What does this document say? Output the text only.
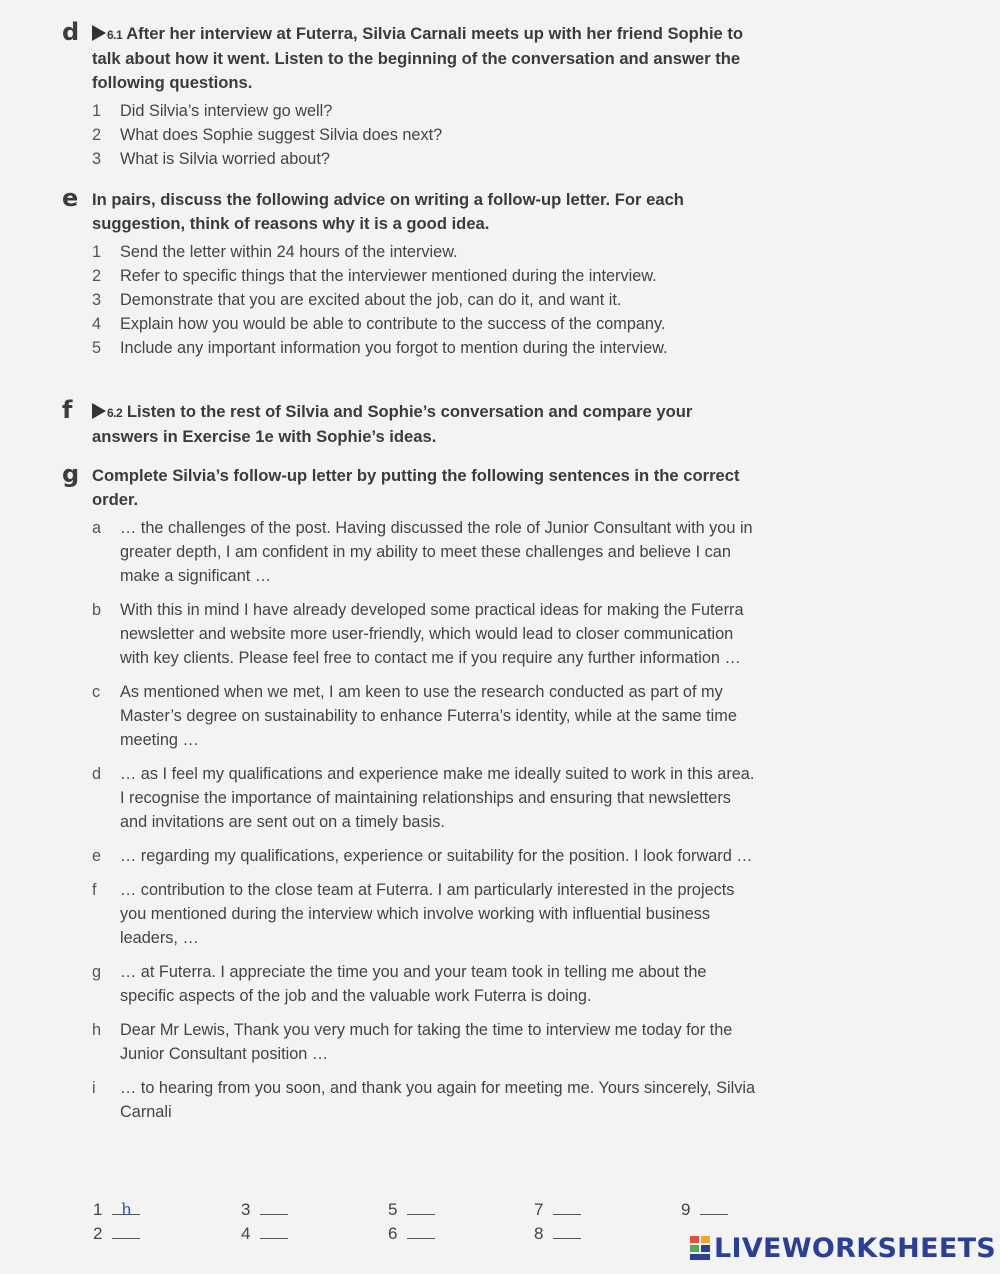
d	6.1 After her interview at Futerra, Silvia Carnali meets up with her friend Sophie to talk about how it went. Listen to the beginning of the conversation and answer the following questions.
1 Did Silvia’s interview go well?
2 What does Sophie suggest Silvia does next?
3 What is Silvia worried about?
e In pairs, discuss the following advice on writing a follow-up letter. For each suggestion, think of reasons why it is a good idea.
1 Send the letter within 24 hours of the interview.
2 Refer to specific things that the interviewer mentioned during the interview.
3 Demonstrate that you are excited about the job, can do it, and want it.
4 Explain how you would be able to contribute to the success of the company.
5 Include any important information you forgot to mention during the interview.
f	6.2 Listen to the rest of Silvia and Sophie’s conversation and compare your answers in Exercise 1e with Sophie’s ideas.
g Complete Silvia’s follow-up letter by putting the following sentences in the correct order.
a … the challenges of the post. Having discussed the role of Junior Consultant with you in greater depth, I am confident in my ability to meet these challenges and believe I can make a significant …
b With this in mind I have already developed some practical ideas for making the Futerra newsletter and website more user-friendly, which would lead to closer communication with key clients. Please feel free to contact me if you require any further information …
c As mentioned when we met, I am keen to use the research conducted as part of my Master’s degree on sustainability to enhance Futerra’s identity, while at the same time meeting …
d … as I feel my qualifications and experience make me ideally suited to work in this area. I recognise the importance of maintaining relationships and ensuring that newsletters and invitations are sent out on a timely basis.
e … regarding my qualifications, experience or suitability for the position. I look forward …
f … contribution to the close team at Futerra. I am particularly interested in the projects you mentioned during the interview which involve working with influential business leaders, …
g … at Futerra. I appreciate the time you and your team took in telling me about the specific aspects of the job and the valuable work Futerra is doing.
h Dear Mr Lewis, Thank you very much for taking the time to interview me today for the Junior Consultant position …
i … to hearing from you soon, and thank you again for meeting me. Yours sincerely, Silvia Carnali
1 h
2
3
4
5
6
7
8
9
LIVEWORKSHEETS
